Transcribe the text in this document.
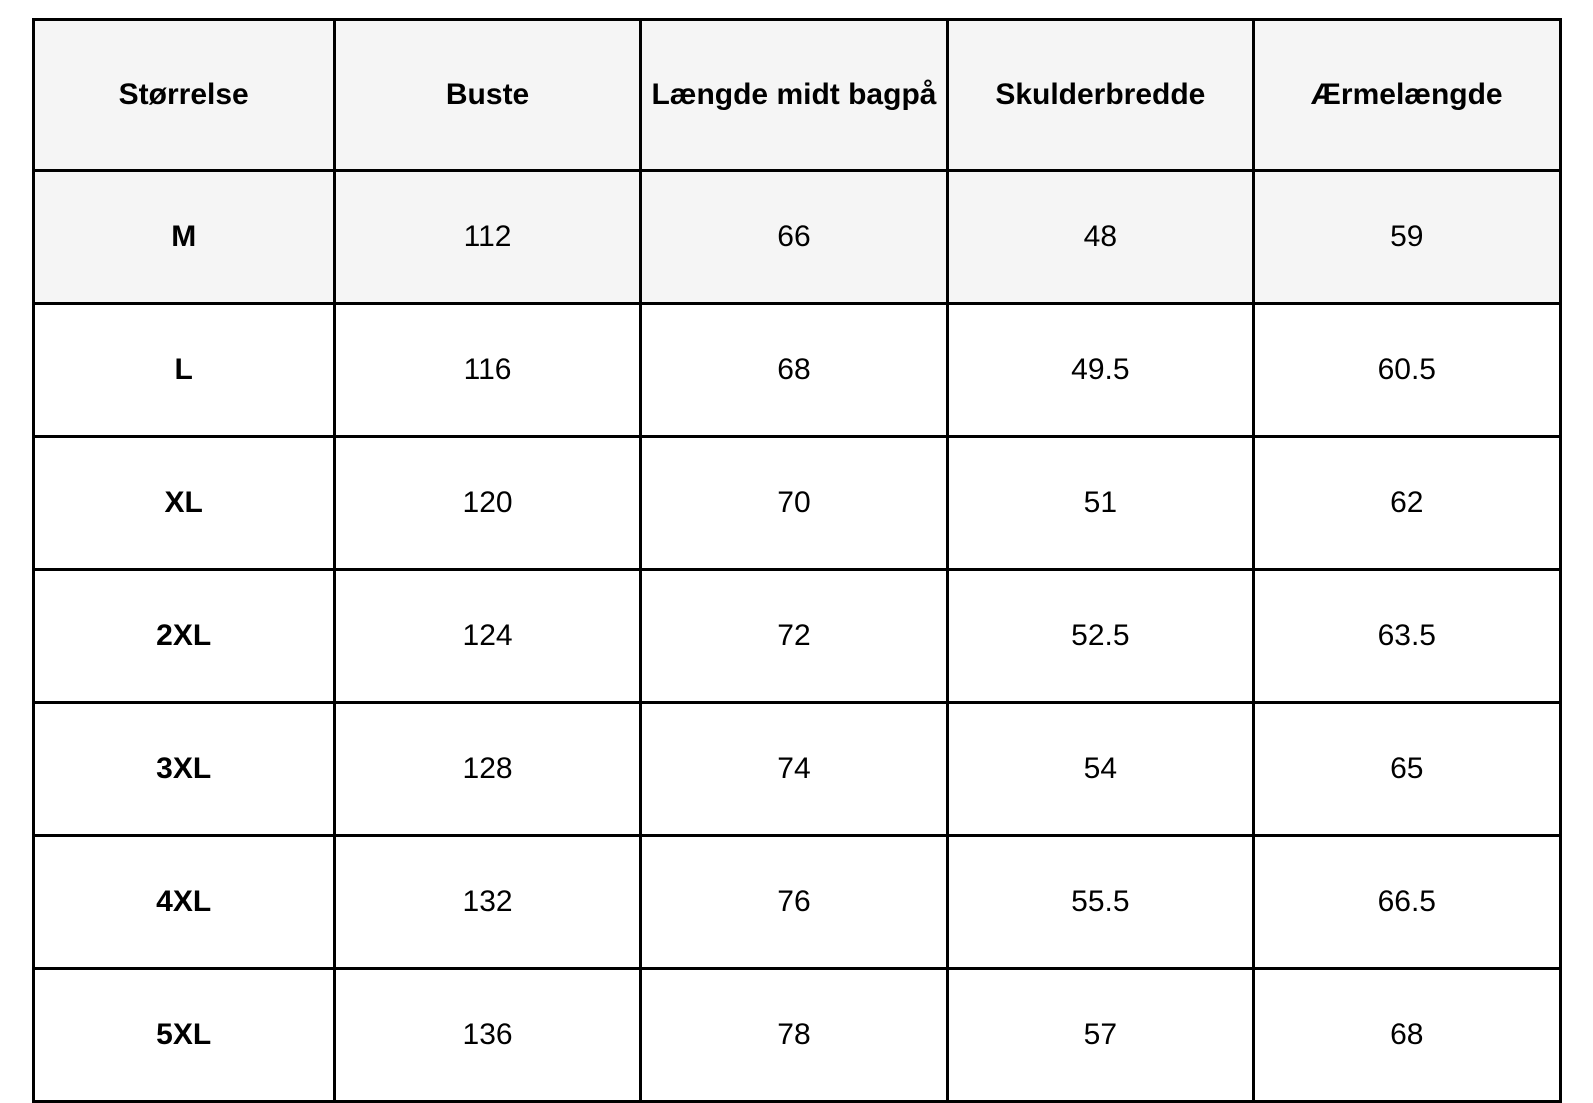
Størrelse	Buste	Længde midt bagpå	Skulderbredde	Ærmelængde
M	112	66	48	59
L	116	68	49.5	60.5
XL	120	70	51	62
2XL	124	72	52.5	63.5
3XL	128	74	54	65
4XL	132	76	55.5	66.5
5XL	136	78	57	68
